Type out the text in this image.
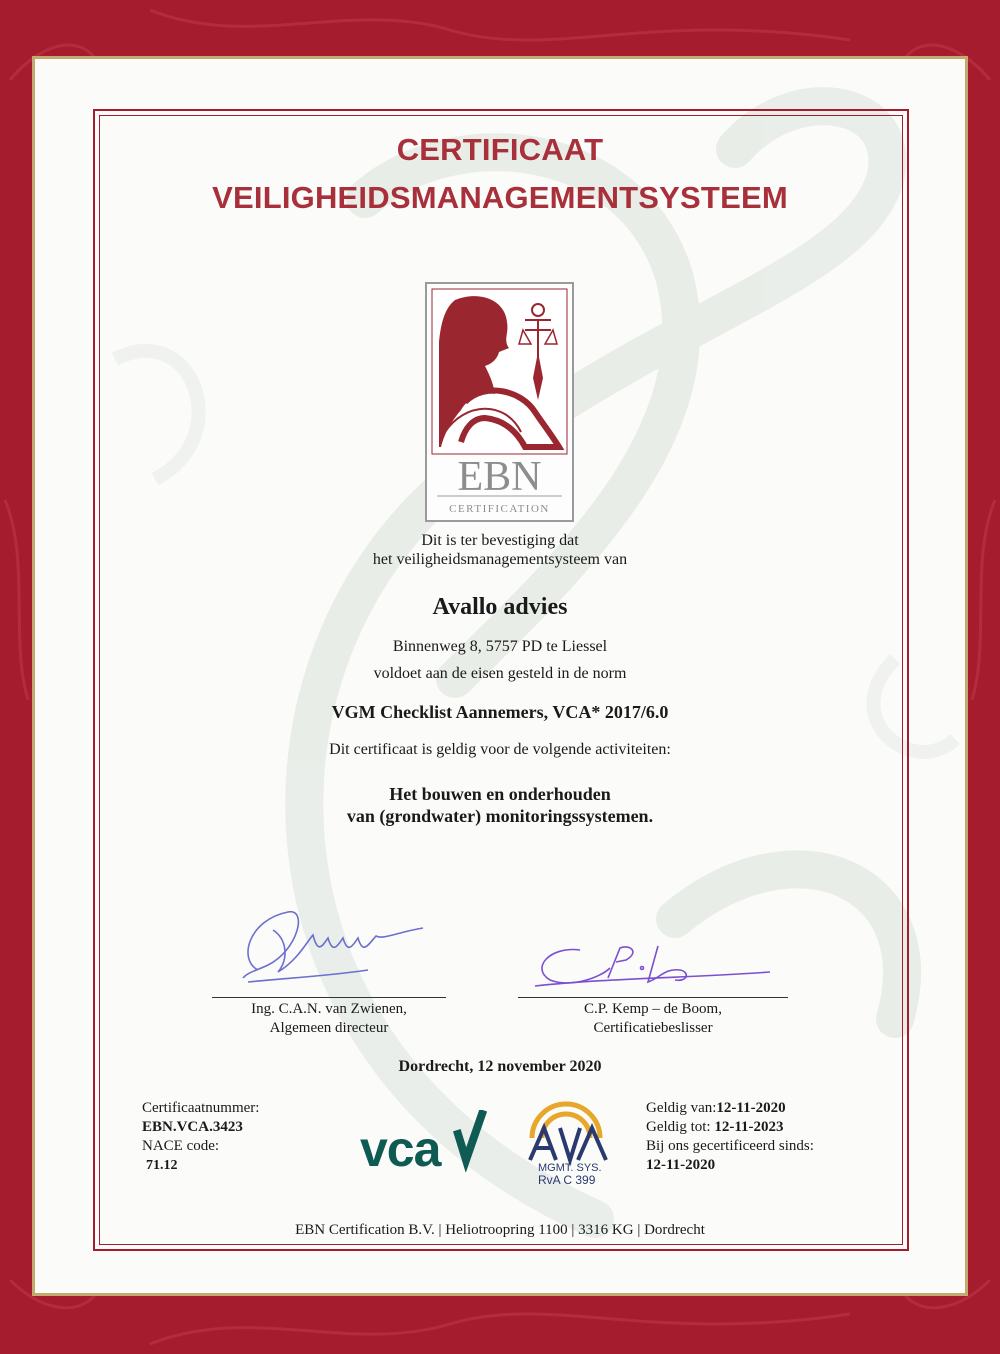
CERTIFICAAT
VEILIGHEIDSMANAGEMENTSYSTEEM
EBN
CERTIFICATION
Dit is ter bevestiging dat
het veiligheidsmanagementsysteem van
Avallo advies
Binnenweg 8, 5757 PD te Liessel
voldoet aan de eisen gesteld in de norm
VGM Checklist Aannemers, VCA* 2017/6.0
Dit certificaat is geldig voor de volgende activiteiten:
Het bouwen en onderhouden
van (grondwater) monitoringssystemen.
Ing. C.A.N. van Zwienen,
Algemeen directeur
C.P. Kemp – de Boom,
Certificatiebeslisser
Dordrecht, 12 november 2020
Certificaatnummer:
EBN.VCA.3423
NACE code:
71.12	vca	MGMT. SYS.
RvA C 399
Geldig van:12-11-2020
Geldig tot: 12-11-2023
Bij ons gecertificeerd sinds:
12-11-2020
EBN Certification B.V. | Heliotroopring 1100 | 3316 KG | Dordrecht
